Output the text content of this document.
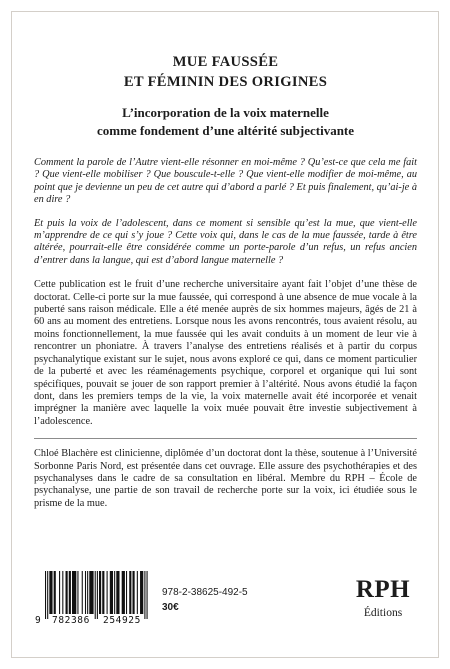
MUE FAUSSÉE
ET FÉMININ DES ORIGINES
L’incorporation de la voix maternelle
comme fondement d’une altérité subjectivante

Comment la parole de l’Autre vient-elle résonner en moi-même ? Qu’est-ce que cela me fait ? Que vient-elle mobiliser ? Que bouscule-t-elle ? Que vient-elle modifier de moi-même, au point que je devienne un peu de cet autre qui d’abord a parlé ? Et puis finalement, qu’ai-je à en dire ?

Et puis la voix de l’adolescent, dans ce moment si sensible qu’est la mue, que vient-elle m’apprendre de ce qui s’y joue ? Cette voix qui, dans le cas de la mue faussée, tarde à être altérée, pourrait-elle être considérée comme un porte-parole d’un refus, un refus ancien d’entrer dans la langue, qui est d’abord langue maternelle ?

Cette publication est le fruit d’une recherche universitaire ayant fait l’objet d’une thèse de doctorat. Celle-ci porte sur la mue faussée, qui correspond à une absence de mue vocale à la puberté sans raison médicale. Elle a été menée auprès de six hommes majeurs, âgés de 21 à 60 ans au moment des entretiens. Lorsque nous les avons rencontrés, tous avaient résolu, au moins fonctionnellement, la mue faussée qui les avait conduits à un moment de leur vie à rencontrer un phoniatre. À travers l’analyse des entretiens réalisés et à partir du corpus psychanalytique existant sur le sujet, nous avons exploré ce qui, dans ce moment particulier de la puberté et avec les réaménagements psychique, corporel et organique qui lui sont spécifiques, pouvait se jouer de son rapport premier à l’altérité. Nous avons étudié la façon dont, dans les premiers temps de la vie, la voix maternelle avait été incorporée et venait imprégner la manière avec laquelle la voix muée pouvait être investie subjectivement à l’adolescence.

Chloé Blachère est clinicienne, diplômée d’un doctorat dont la thèse, soutenue à l’Université Sorbonne Paris Nord, est présentée dans cet ouvrage. Elle assure des psychothérapies et des psychanalyses dans le cadre de sa consultation en libéral. Membre du RPH – École de psychanalyse, une partie de son travail de recherche porte sur la voix, ici étudiée sous le prisme de la mue.

9	782386	254925
978-2-38625-492-5
30€
RPH
Éditions
